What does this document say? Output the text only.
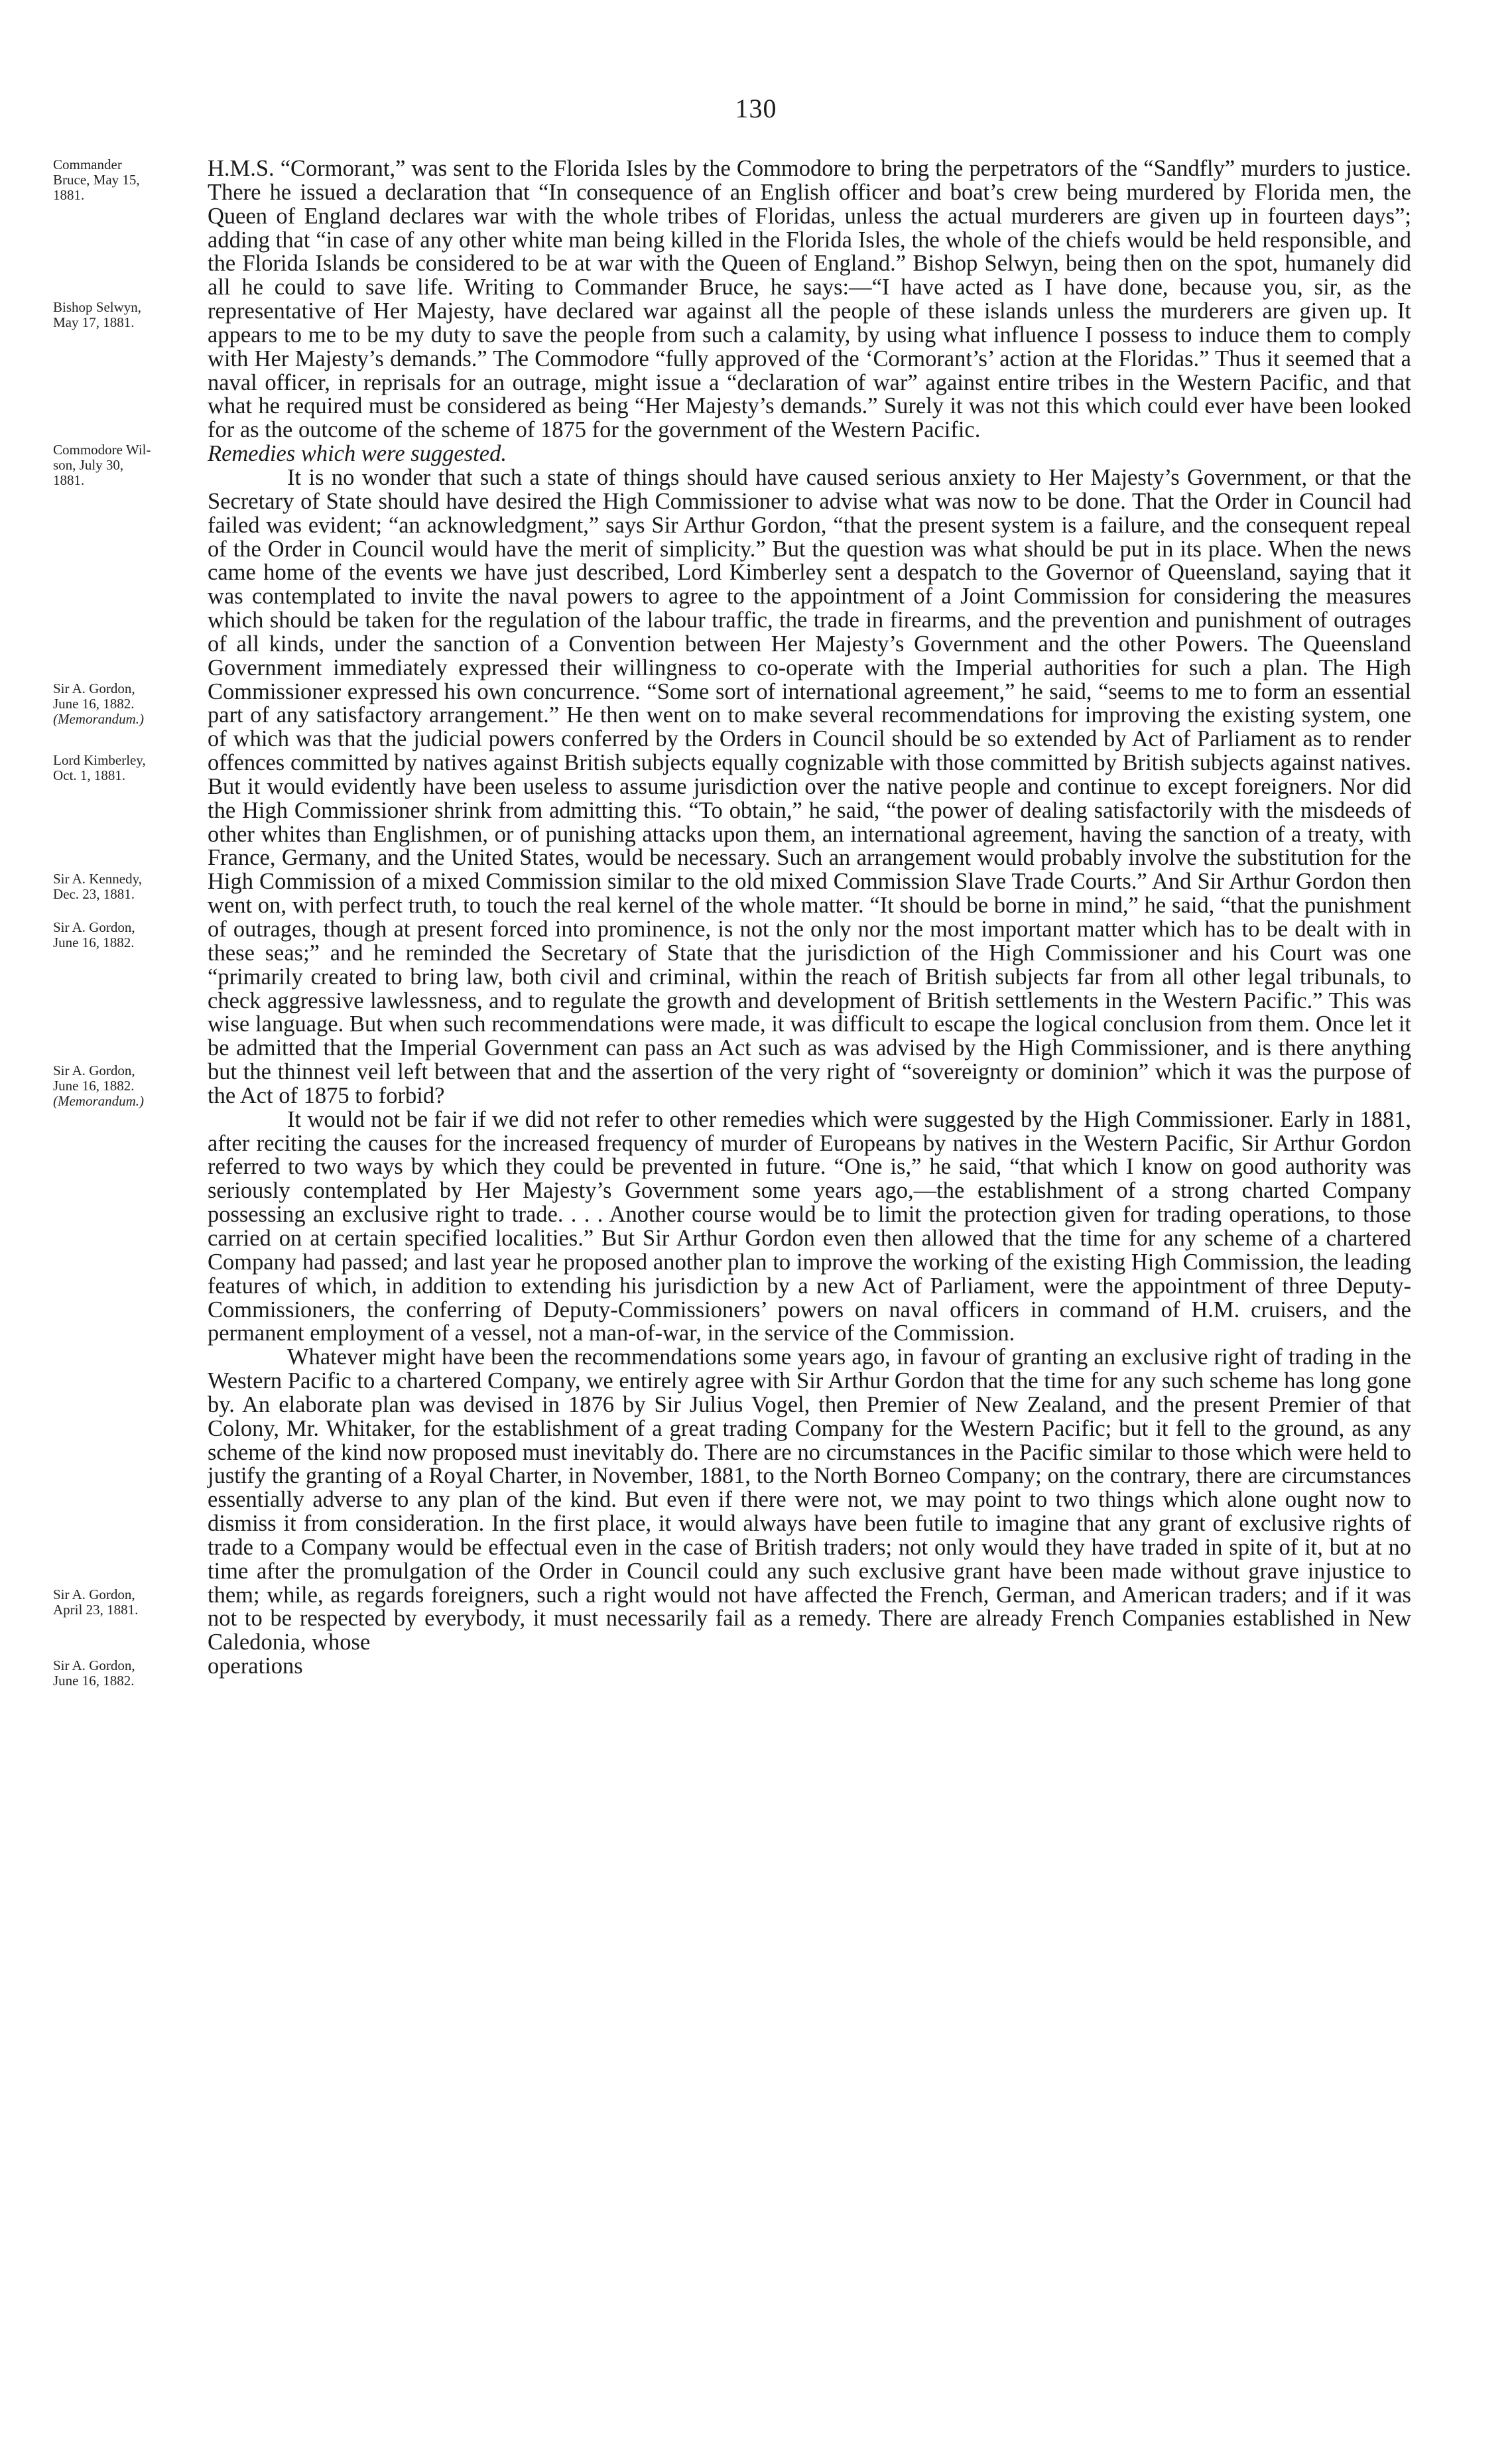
130
Commander
Bruce, May 15,
1881.
Bishop Selwyn,
May 17, 1881.
Commodore Wil-
son, July 30,
1881.
Sir A. Gordon,
June 16, 1882.
(Memorandum.)
Lord Kimberley,
Oct. 1, 1881.
Sir A. Kennedy,
Dec. 23, 1881.
Sir A. Gordon,
June 16, 1882.
Sir A. Gordon,
June 16, 1882.
(Memorandum.)
Sir A. Gordon,
April 23, 1881.
Sir A. Gordon,
June 16, 1882.

H.M.S. “Cormorant,” was sent to the Florida Isles by the Commodore to bring the perpetrators of the “Sandfly” murders to justice. There he issued a declaration that “In consequence of an English officer and boat’s crew being murdered by Florida men, the Queen of England declares war with the whole tribes of Floridas, unless the actual murderers are given up in fourteen days”; adding that “in case of any other white man being killed in the Florida Isles, the whole of the chiefs would be held responsible, and the Florida Islands be considered to be at war with the Queen of England.” Bishop Selwyn, being then on the spot, humanely did all he could to save life. Writing to Commander Bruce, he says:—“I have acted as I have done, because you, sir, as the representative of Her Majesty, have declared war against all the people of these islands unless the murderers are given up. It appears to me to be my duty to save the people from such a calamity, by using what influence I possess to induce them to comply with Her Majesty’s demands.” The Commodore “fully approved of the ‘Cormorant’s’ action at the Floridas.” Thus it seemed that a naval officer, in reprisals for an outrage, might issue a “declaration of war” against entire tribes in the Western Pacific, and that what he required must be considered as being “Her Majesty’s demands.” Surely it was not this which could ever have been looked for as the outcome of the scheme of 1875 for the government of the Western Pacific.

Remedies which were suggested.

It is no wonder that such a state of things should have caused serious anxiety to Her Majesty’s Government, or that the Secretary of State should have desired the High Commissioner to advise what was now to be done. That the Order in Council had failed was evident; “an acknowledgment,” says Sir Arthur Gordon, “that the present system is a failure, and the consequent repeal of the Order in Council would have the merit of simplicity.” But the question was what should be put in its place. When the news came home of the events we have just described, Lord Kimberley sent a despatch to the Governor of Queensland, saying that it was contemplated to invite the naval powers to agree to the appointment of a Joint Commission for considering the measures which should be taken for the regulation of the labour traffic, the trade in firearms, and the prevention and punishment of outrages of all kinds, under the sanction of a Convention between Her Majesty’s Government and the other Powers. The Queensland Government immediately expressed their willingness to co-operate with the Imperial authorities for such a plan. The High Commissioner expressed his own concurrence. “Some sort of international agreement,” he said, “seems to me to form an essential part of any satisfactory arrangement.” He then went on to make several recommendations for improving the existing system, one of which was that the judicial powers conferred by the Orders in Council should be so extended by Act of Parliament as to render offences committed by natives against British subjects equally cognizable with those committed by British subjects against natives. But it would evidently have been useless to assume jurisdiction over the native people and continue to except foreigners. Nor did the High Commissioner shrink from admitting this. “To obtain,” he said, “the power of dealing satisfactorily with the misdeeds of other whites than Englishmen, or of punishing attacks upon them, an international agreement, having the sanction of a treaty, with France, Germany, and the United States, would be necessary. Such an arrangement would probably involve the substitution for the High Commission of a mixed Commission similar to the old mixed Commission Slave Trade Courts.” And Sir Arthur Gordon then went on, with perfect truth, to touch the real kernel of the whole matter. “It should be borne in mind,” he said, “that the punishment of outrages, though at present forced into prominence, is not the only nor the most important matter which has to be dealt with in these seas;” and he reminded the Secretary of State that the jurisdiction of the High Commissioner and his Court was one “primarily created to bring law, both civil and criminal, within the reach of British subjects far from all other legal tribunals, to check aggressive lawlessness, and to regulate the growth and development of British settlements in the Western Pacific.” This was wise language. But when such recommendations were made, it was difficult to escape the logical conclusion from them. Once let it be admitted that the Imperial Government can pass an Act such as was advised by the High Commissioner, and is there anything but the thinnest veil left between that and the assertion of the very right of “sovereignty or dominion” which it was the purpose of the Act of 1875 to forbid?

It would not be fair if we did not refer to other remedies which were suggested by the High Commissioner. Early in 1881, after reciting the causes for the increased frequency of murder of Europeans by natives in the Western Pacific, Sir Arthur Gordon referred to two ways by which they could be prevented in future. “One is,” he said, “that which I know on good authority was seriously contemplated by Her Majesty’s Government some years ago,—the establishment of a strong charted Company possessing an exclusive right to trade. . . . Another course would be to limit the protection given for trading operations, to those carried on at certain specified localities.” But Sir Arthur Gordon even then allowed that the time for any scheme of a chartered Company had passed; and last year he proposed another plan to improve the working of the existing High Commission, the leading features of which, in addition to extending his jurisdiction by a new Act of Parliament, were the appointment of three Deputy-Commissioners, the conferring of Deputy-Commissioners’ powers on naval officers in command of H.M. cruisers, and the permanent employment of a vessel, not a man-of-war, in the service of the Commission.

Whatever might have been the recommendations some years ago, in favour of granting an exclusive right of trading in the Western Pacific to a chartered Company, we entirely agree with Sir Arthur Gordon that the time for any such scheme has long gone by. An elaborate plan was devised in 1876 by Sir Julius Vogel, then Premier of New Zealand, and the present Premier of that Colony, Mr. Whitaker, for the establishment of a great trading Company for the Western Pacific; but it fell to the ground, as any scheme of the kind now proposed must inevitably do. There are no circumstances in the Pacific similar to those which were held to justify the granting of a Royal Charter, in November, 1881, to the North Borneo Company; on the contrary, there are circumstances essentially adverse to any plan of the kind. But even if there were not, we may point to two things which alone ought now to dismiss it from consideration. In the first place, it would always have been futile to imagine that any grant of exclusive rights of trade to a Company would be effectual even in the case of British traders; not only would they have traded in spite of it, but at no time after the promulgation of the Order in Council could any such exclusive grant have been made without grave injustice to them; while, as regards foreigners, such a right would not have affected the French, German, and American traders; and if it was not to be respected by everybody, it must necessarily fail as a remedy. There are already French Companies established in New Caledonia, whose

operations
